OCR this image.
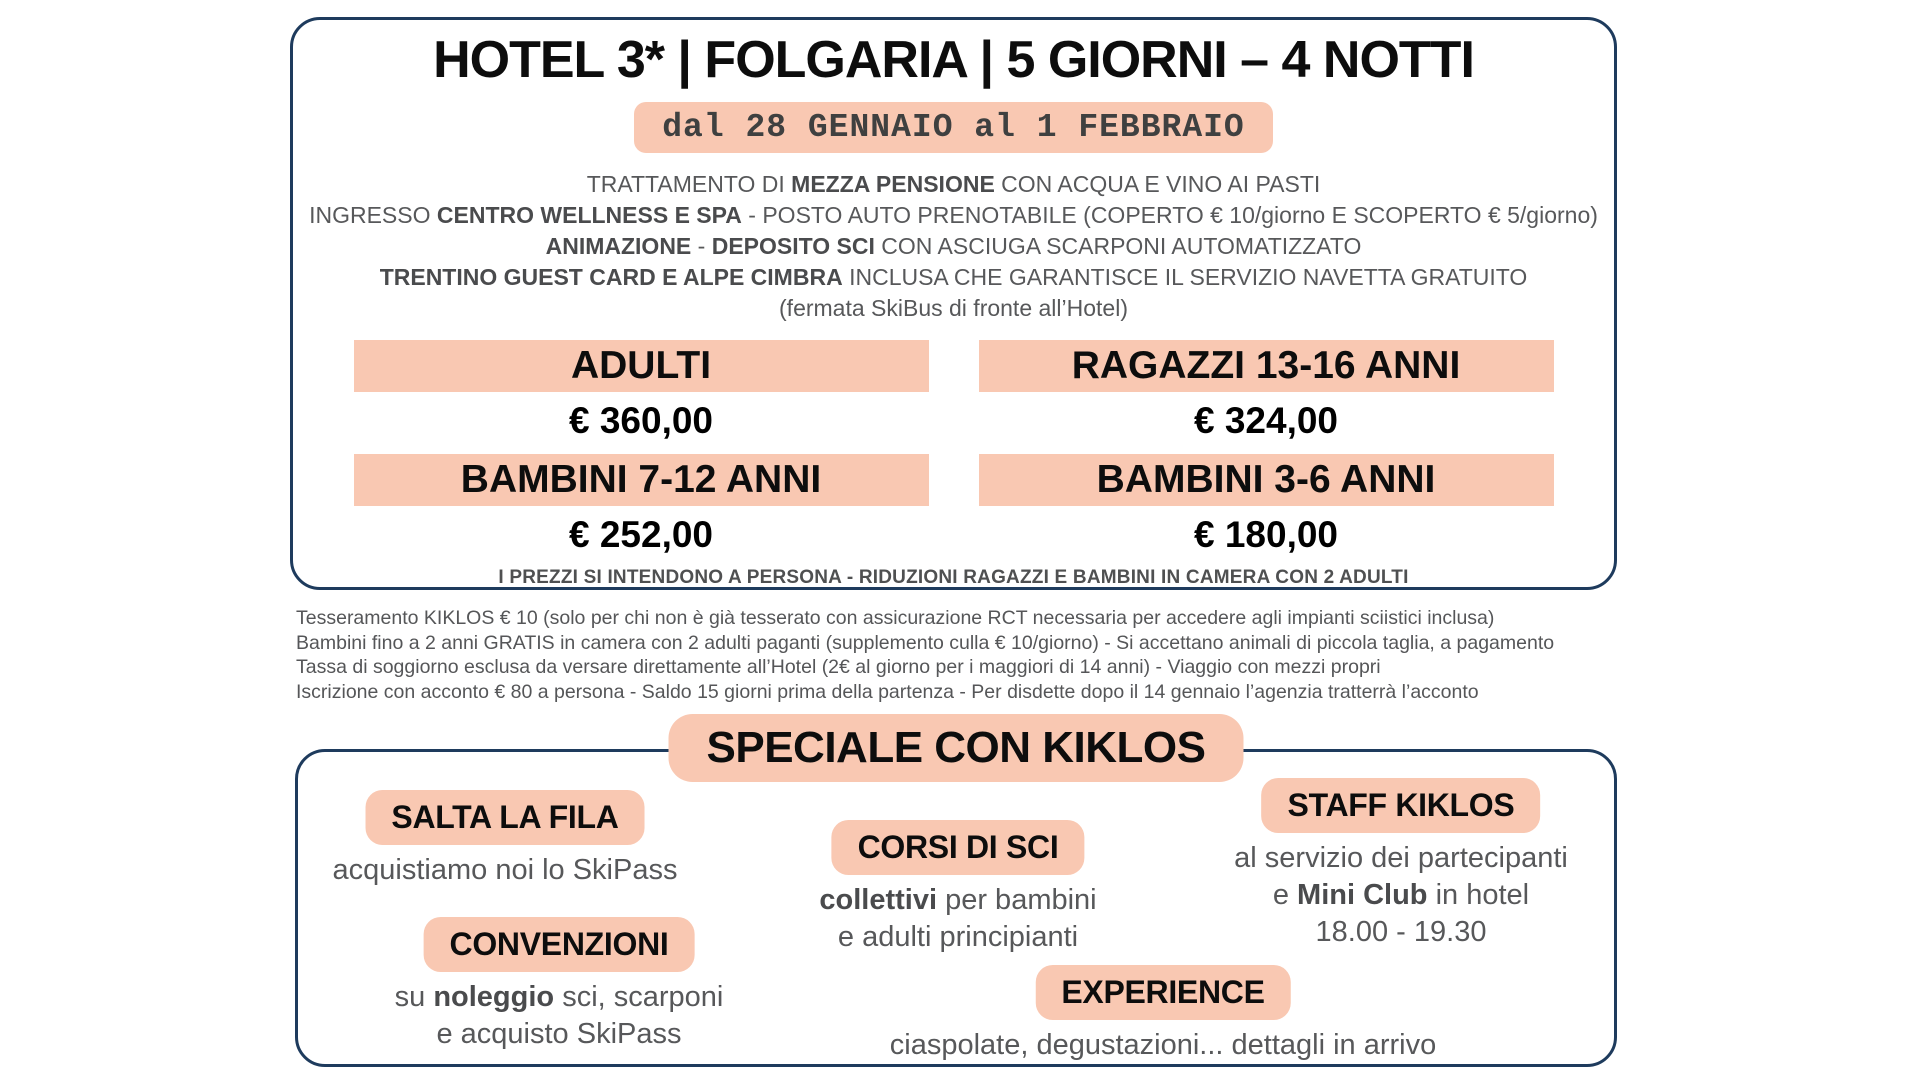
HOTEL 3* | FOLGARIA | 5 GIORNI – 4 NOTTI
dal 28 GENNAIO al 1 FEBBRAIO
TRATTAMENTO DI MEZZA PENSIONE CON ACQUA E VINO AI PASTI
INGRESSO CENTRO WELLNESS E SPA - POSTO AUTO PRENOTABILE (COPERTO € 10/giorno E SCOPERTO € 5/giorno)
ANIMAZIONE - DEPOSITO SCI CON ASCIUGA SCARPONI AUTOMATIZZATO
TRENTINO GUEST CARD E ALPE CIMBRA INCLUSA CHE GARANTISCE IL SERVIZIO NAVETTA GRATUITO
(fermata SkiBus di fronte all’Hotel)
ADULTI
€ 360,00
RAGAZZI 13-16 ANNI
€ 324,00
BAMBINI 7-12 ANNI
€ 252,00
BAMBINI 3-6 ANNI
€ 180,00
I PREZZI SI INTENDONO A PERSONA - RIDUZIONI RAGAZZI E BAMBINI IN CAMERA CON 2 ADULTI
Tesseramento KIKLOS € 10 (solo per chi non è già tesserato con assicurazione RCT necessaria per accedere agli impianti sciistici inclusa)
Bambini fino a 2 anni GRATIS in camera con 2 adulti paganti (supplemento culla € 10/giorno) - Si accettano animali di piccola taglia, a pagamento
Tassa di soggiorno esclusa da versare direttamente all’Hotel (2€ al giorno per i maggiori di 14 anni) - Viaggio con mezzi propri
Iscrizione con acconto € 80 a persona - Saldo 15 giorni prima della partenza - Per disdette dopo il 14 gennaio l’agenzia tratterrà l’acconto
SPECIALE CON KIKLOS
SALTA LA FILA
acquistiamo noi lo SkiPass
CONVENZIONI
su noleggio sci, scarponi
e acquisto SkiPass
CORSI DI SCI
collettivi per bambini
e adulti principianti
STAFF KIKLOS
al servizio dei partecipanti
e Mini Club in hotel
18.00 - 19.30
EXPERIENCE
ciaspolate, degustazioni... dettagli in arrivo
